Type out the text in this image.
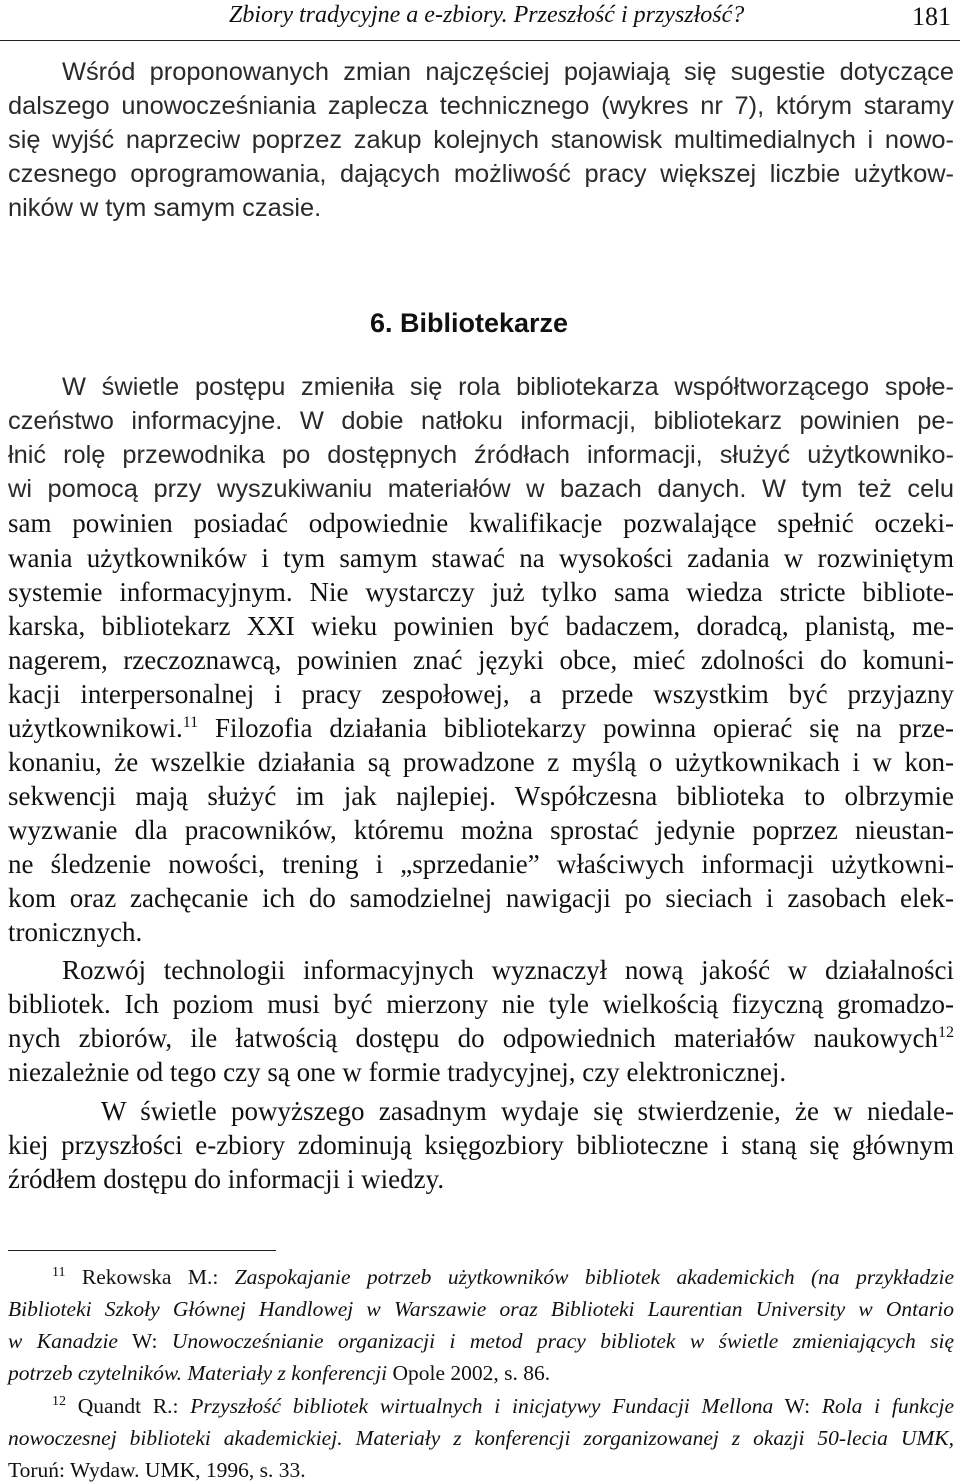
Zbiory tradycyjne a e-zbiory. Przeszłość i przyszłość?	181
Wśród proponowanych zmian najczęściej pojawiają się sugestie dotyczące
dalszego unowocześniania zaplecza technicznego (wykres nr 7), którym staramy
się wyjść naprzeciw poprzez zakup kolejnych stanowisk multimedialnych i nowo-
czesnego oprogramowania, dających możliwość pracy większej liczbie użytkow-
ników w tym samym czasie.
6. Bibliotekarze
W świetle postępu zmieniła się rola bibliotekarza współtworzącego społe-
czeństwo informacyjne. W dobie natłoku informacji, bibliotekarz powinien pe-
łnić rolę przewodnika po dostępnych źródłach informacji, służyć użytkowniko-
wi pomocą przy wyszukiwaniu materiałów w bazach danych. W tym też celu
sam powinien posiadać odpowiednie kwalifikacje pozwalające spełnić oczeki-
wania użytkowników i tym samym stawać na wysokości zadania w rozwiniętym
systemie informacyjnym. Nie wystarczy już tylko sama wiedza stricte bibliote-
karska, bibliotekarz XXI wieku powinien być badaczem, doradcą, planistą, me-
nagerem, rzeczoznawcą, powinien znać języki obce, mieć zdolności do komuni-
kacji interpersonalnej i pracy zespołowej, a przede wszystkim być przyjazny
użytkownikowi.$^{11}$ Filozofia działania bibliotekarzy powinna opierać się na prze-
konaniu, że wszelkie działania są prowadzone z myślą o użytkownikach i w kon-
sekwencji mają służyć im jak najlepiej. Współczesna biblioteka to olbrzymie
wyzwanie dla pracowników, któremu można sprostać jedynie poprzez nieustan-
ne śledzenie nowości, trening i „sprzedanie” właściwych informacji użytkowni-
kom oraz zachęcanie ich do samodzielnej nawigacji po sieciach i zasobach elek-
tronicznych.
Rozwój technologii informacyjnych wyznaczył nową jakość w działalności
bibliotek. Ich poziom musi być mierzony nie tyle wielkością fizyczną gromadzo-
nych zbiorów, ile łatwością dostępu do odpowiednich materiałów naukowych$^{12}$
niezależnie od tego czy są one w formie tradycyjnej, czy elektronicznej.
W świetle powyższego zasadnym wydaje się stwierdzenie, że w niedale-
kiej przyszłości e-zbiory zdominują księgozbiory biblioteczne i staną się głównym
źródłem dostępu do informacji i wiedzy.
$^{11}$ Rekowska M.: Zaspokajanie potrzeb użytkowników bibliotek akademickich (na przykładzie
Biblioteki Szkoły Głównej Handlowej w Warszawie oraz Biblioteki Laurentian University w Ontario
w Kanadzie W: Unowocześnianie organizacji i metod pracy bibliotek w świetle zmieniających się
potrzeb czytelników. Materiały z konferencji Opole 2002, s. 86.
$^{12}$ Quandt R.: Przyszłość bibliotek wirtualnych i inicjatywy Fundacji Mellona W: Rola i funkcje
nowoczesnej biblioteki akademickiej. Materiały z konferencji zorganizowanej z okazji 50-lecia UMK,
Toruń: Wydaw. UMK, 1996, s. 33.
